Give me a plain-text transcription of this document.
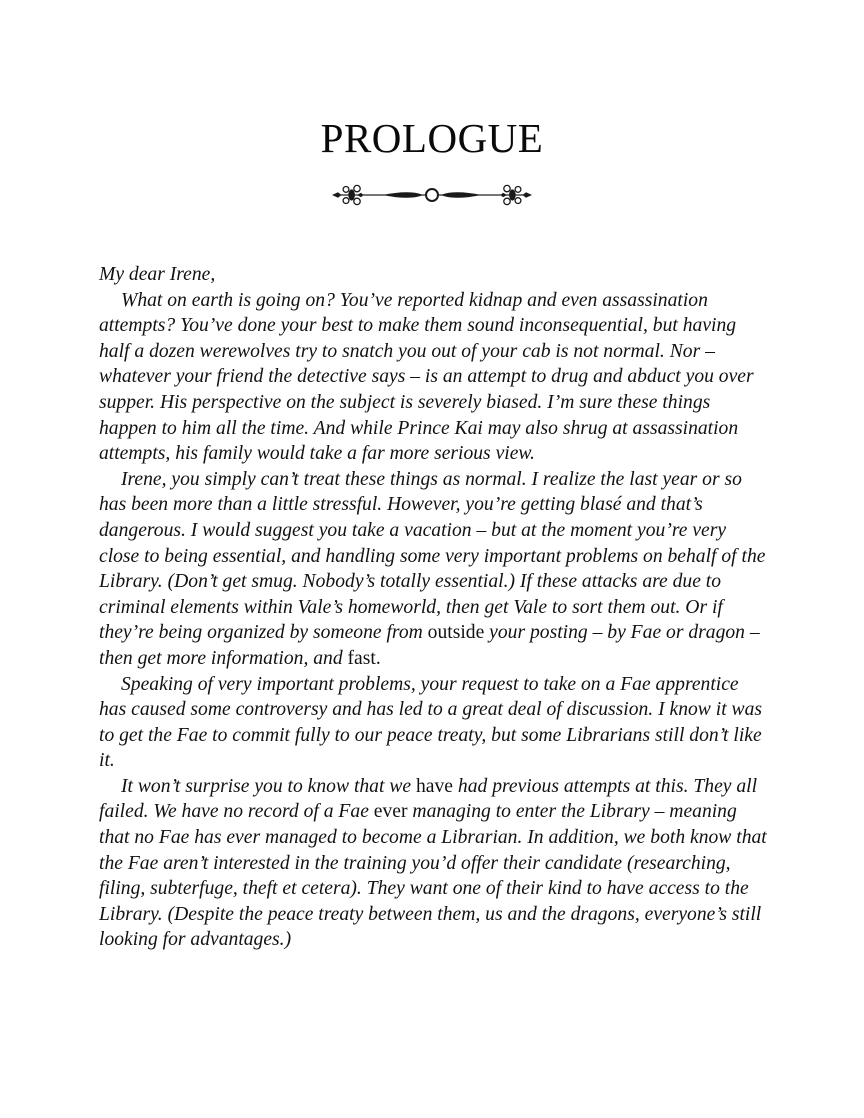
PROLOGUE

My dear Irene,

What on earth is going on? You’ve reported kidnap and even assassination attempts? You’ve done your best to make them sound inconsequential, but having half a dozen werewolves try to snatch you out of your cab is not normal. Nor – whatever your friend the detective says – is an attempt to drug and abduct you over supper. His perspective on the subject is severely biased. I’m sure these things happen to him all the time. And while Prince Kai may also shrug at assassination attempts, his family would take a far more serious view.

Irene, you simply can’t treat these things as normal. I realize the last year or so has been more than a little stressful. However, you’re getting blasé and that’s dangerous. I would suggest you take a vacation – but at the moment you’re very close to being essential, and handling some very important problems on behalf of the Library. (Don’t get smug. Nobody’s totally essential.) If these attacks are due to criminal elements within Vale’s homeworld, then get Vale to sort them out. Or if they’re being organized by someone from outside your posting – by Fae or dragon – then get more information, and fast.

Speaking of very important problems, your request to take on a Fae apprentice has caused some controversy and has led to a great deal of discussion. I know it was to get the Fae to commit fully to our peace treaty, but some Librarians still don’t like it.

It won’t surprise you to know that we have had previous attempts at this. They all failed. We have no record of a Fae ever managing to enter the Library – meaning that no Fae has ever managed to become a Librarian. In addition, we both know that the Fae aren’t interested in the training you’d offer their candidate (researching, filing, subterfuge, theft et cetera). They want one of their kind to have access to the Library. (Despite the peace treaty between them, us and the dragons, everyone’s still looking for advantages.)
